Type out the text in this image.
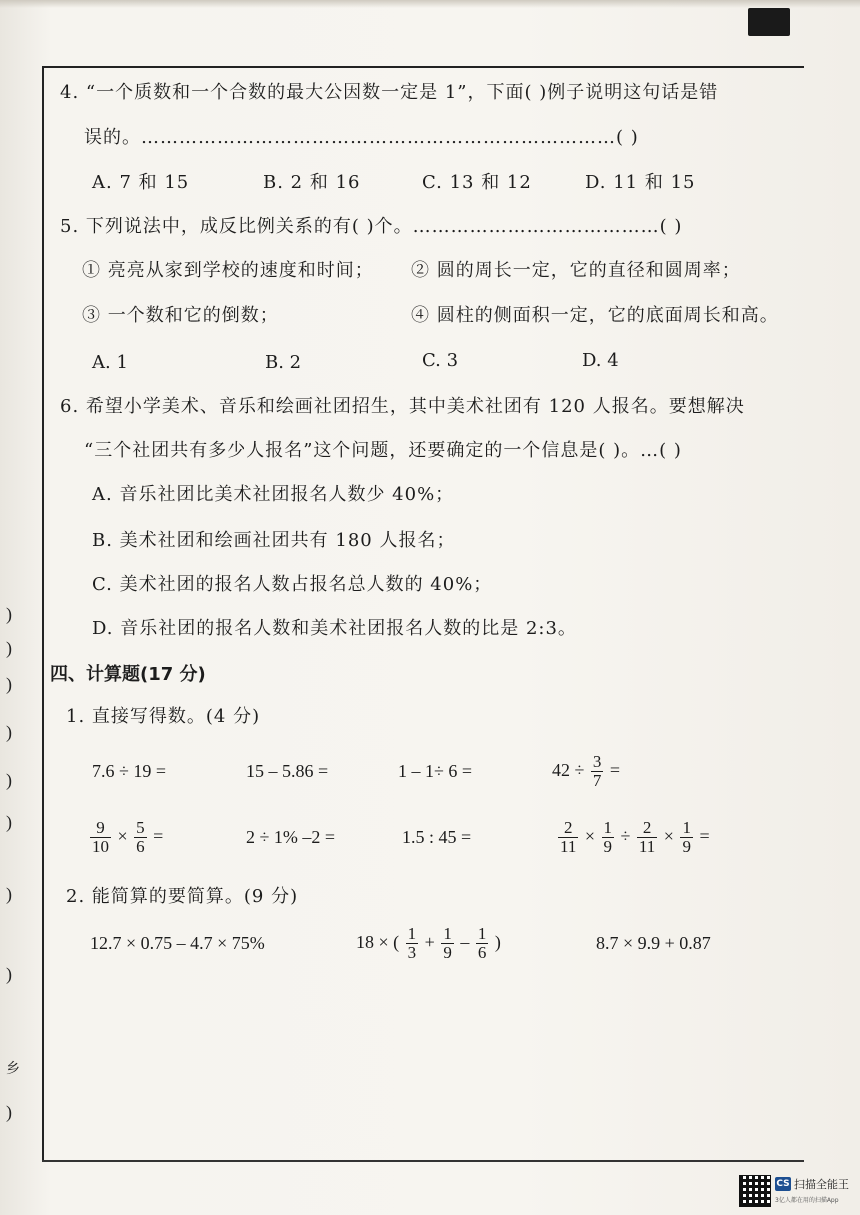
4. “一个质数和一个合数的最大公因数一定是 1”，下面( )例子说明这句话是错
误的。…………………………………………………………………( )
A. 7 和 15	B. 2 和 16	C. 13 和 12	D. 11 和 15
5. 下列说法中，成反比例关系的有( )个。…………………………………( )
① 亮亮从家到学校的速度和时间； ② 圆的周长一定，它的直径和圆周率；
③ 一个数和它的倒数；	④ 圆柱的侧面积一定，它的底面周长和高。
A. 1	B. 2	C. 3	D. 4
6. 希望小学美术、音乐和绘画社团招生，其中美术社团有 120 人报名。要想解决
“三个社团共有多少人报名”这个问题，还要确定的一个信息是( )。…( )
A. 音乐社团比美术社团报名人数少 40%；
B. 美术社团和绘画社团共有 180 人报名；
C. 美术社团的报名人数占报名总人数的 40%；
D. 音乐社团的报名人数和美术社团报名人数的比是 2:3。
四、计算题(17 分)
1. 直接写得数。(4 分)
7.6 ÷ 19 =	15 – 5.86 =	1 – 1÷ 6 =	$42 \div \frac{3}{7}$ =
$\frac{9}{10} \times \frac{5}{6}$ =	2 ÷ 1% –2 =	1.5 : 45 =	$\frac{2}{11} \times \frac{1}{9} \div \frac{2}{11} \times \frac{1}{9}$ =
2. 能简算的要简算。(9 分)
12.7 × 0.75 – 4.7 × 75%	18 × ( $\frac{1}{3} + \frac{1}{9} - \frac{1}{6}$ )	8.7 × 9.9 + 0.87
)
)
)
)
)
)
)
)
乡
)
CS 扫描全能王
3亿人都在用的扫描App
